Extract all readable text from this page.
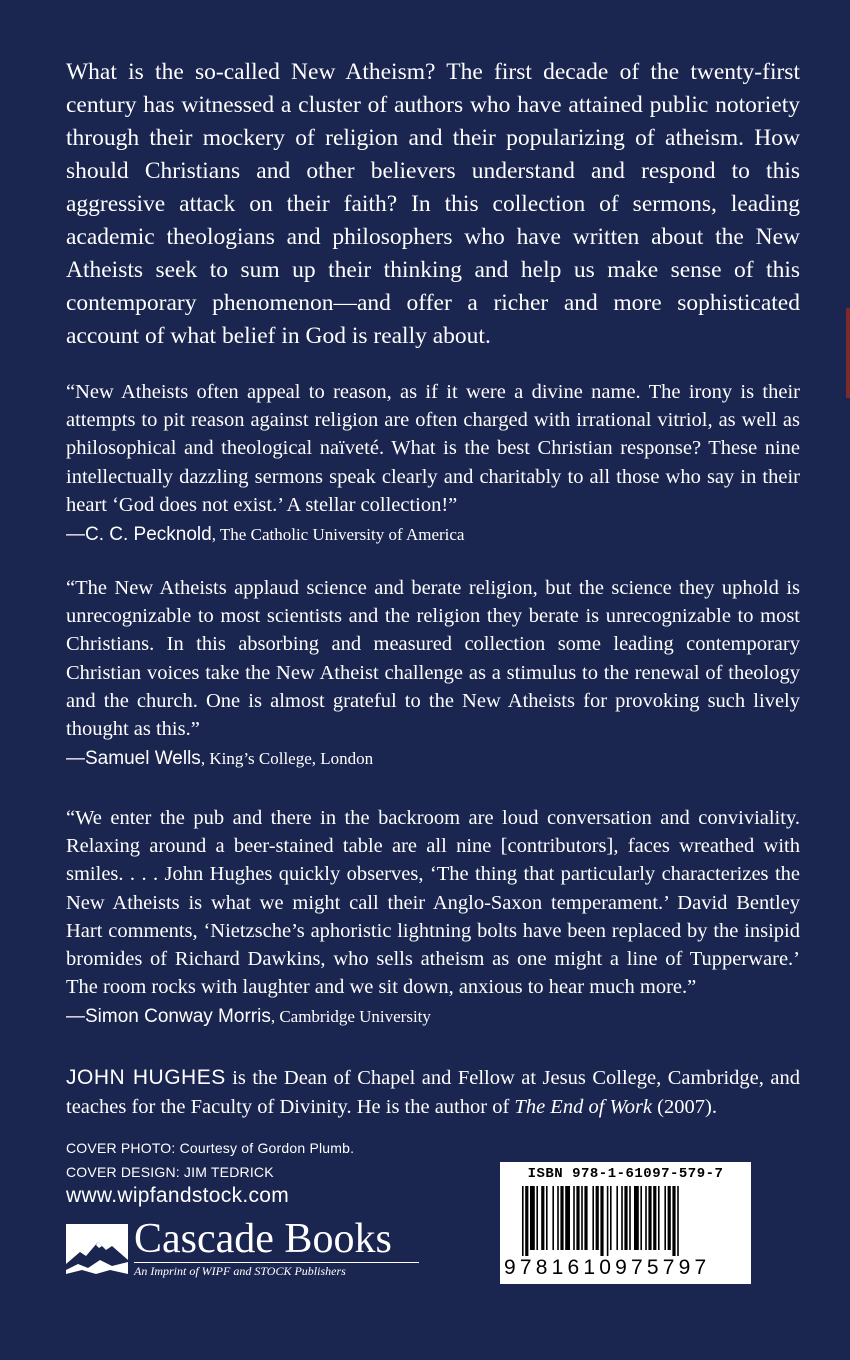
What is the so-called New Atheism? The first decade of the twenty-first century has witnessed a cluster of authors who have attained public notoriety through their mockery of religion and their popularizing of atheism. How should Christians and other believers understand and respond to this aggressive attack on their faith? In this collection of sermons, leading academic theologians and philosophers who have written about the New Atheists seek to sum up their thinking and help us make sense of this contemporary phenomenon—and offer a richer and more sophisticated account of what belief in God is really about.

“New Atheists often appeal to reason, as if it were a divine name. The irony is their attempts to pit reason against religion are often charged with irrational vitriol, as well as philosophical and theological naïveté. What is the best Christian response? These nine intellectually dazzling sermons speak clearly and charitably to all those who say in their heart ‘God does not exist.’ A stellar collection!”
—C. C. Pecknold, The Catholic University of America
“The New Atheists applaud science and berate religion, but the science they uphold is unrecognizable to most scientists and the religion they berate is unrecognizable to most Christians. In this absorbing and measured collection some leading contemporary Christian voices take the New Atheist challenge as a stimulus to the renewal of theology and the church. One is almost grateful to the New Atheists for provoking such lively thought as this.”
—Samuel Wells, King’s College, London
“We enter the pub and there in the backroom are loud conversation and conviviality. Relaxing around a beer-stained table are all nine [contributors], faces wreathed with smiles. . . . John Hughes quickly observes, ‘The thing that particularly characterizes the New Atheists is what we might call their Anglo-Saxon temperament.’ David Bentley Hart comments, ‘Nietzsche’s aphoristic lightning bolts have been replaced by the insipid bromides of Richard Dawkins, who sells atheism as one might a line of Tupperware.’ The room rocks with laughter and we sit down, anxious to hear much more.”
—Simon Conway Morris, Cambridge University
JOHN HUGHES is the Dean of Chapel and Fellow at Jesus College, Cambridge, and teaches for the Faculty of Divinity. He is the author of The End of Work (2007).
COVER PHOTO: Courtesy of Gordon Plumb.
COVER DESIGN: JIM TEDRICK
www.wipfandstock.com
Cascade Books
An Imprint of WIPF and STOCK Publishers
ISBN 978-1-61097-579-7
9781610975797
